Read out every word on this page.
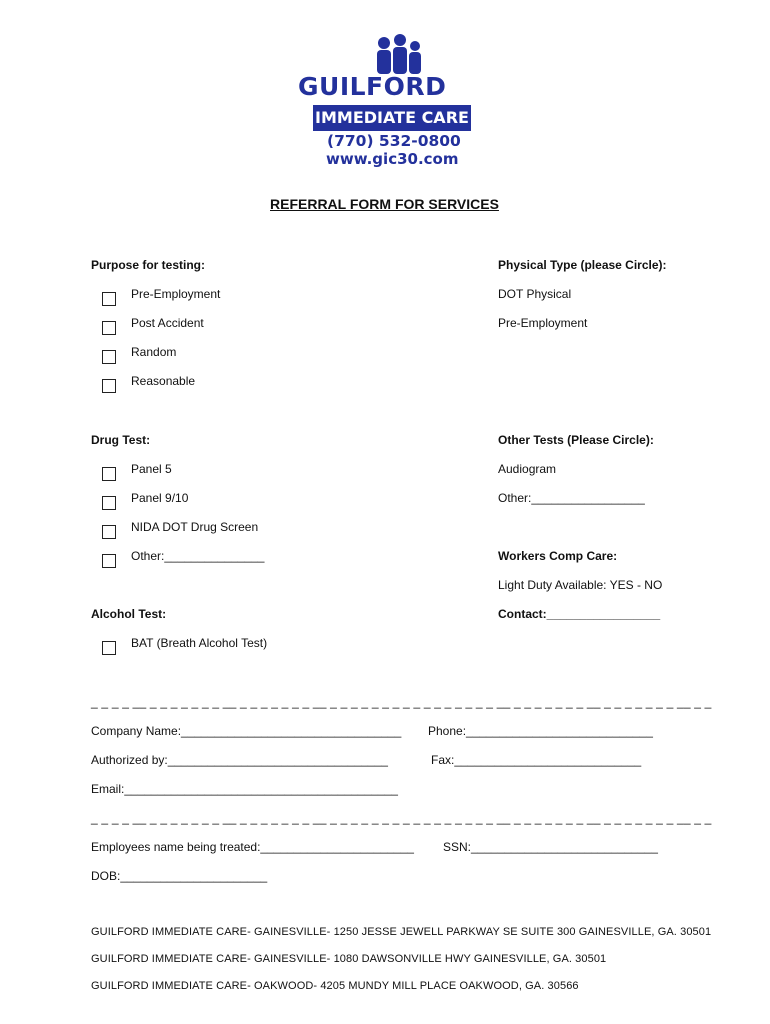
GUILFORD
IMMEDIATE CARE
(770) 532-0800
www.gic30.com
REFERRAL FORM FOR SERVICES
Purpose for testing:
Pre-Employment
Post Accident
Random
Reasonable
Physical Type (please Circle):
DOT Physical
Pre-Employment
Drug Test:
Panel 5
Panel 9/10
NIDA DOT Drug Screen
Other:_______________
Other Tests (Please Circle):
Audiogram
Other:_________________
Workers Comp Care:
Light Duty Available: YES - NO
Contact:_________________
Alcohol Test:
BAT (Breath Alcohol Test)
_ _ _ _ __ _ _ _ _ _ _ _ __ _ _ _ _ _ _ _ __ _ _ _ _ _ _ _ _ _ _ _ _ _ _ _ _ __ _ _ _ _ _ _ _ __ _ _ _ _ _ _ _ __ _ _
Company Name:_________________________________ Phone:____________________________
Authorized by:_________________________________	Fax:____________________________
Email:_________________________________________
_ _ _ _ __ _ _ _ _ _ _ _ __ _ _ _ _ _ _ _ __ _ _ _ _ _ _ _ _ _ _ _ _ _ _ _ _ __ _ _ _ _ _ _ _ __ _ _ _ _ _ _ _ __ _ _
Employees name being treated:_______________________ SSN:____________________________
DOB:______________________
GUILFORD IMMEDIATE CARE- GAINESVILLE- 1250 JESSE JEWELL PARKWAY SE SUITE 300 GAINESVILLE, GA. 30501
GUILFORD IMMEDIATE CARE- GAINESVILLE- 1080 DAWSONVILLE HWY GAINESVILLE, GA. 30501
GUILFORD IMMEDIATE CARE- OAKWOOD- 4205 MUNDY MILL PLACE OAKWOOD, GA. 30566
